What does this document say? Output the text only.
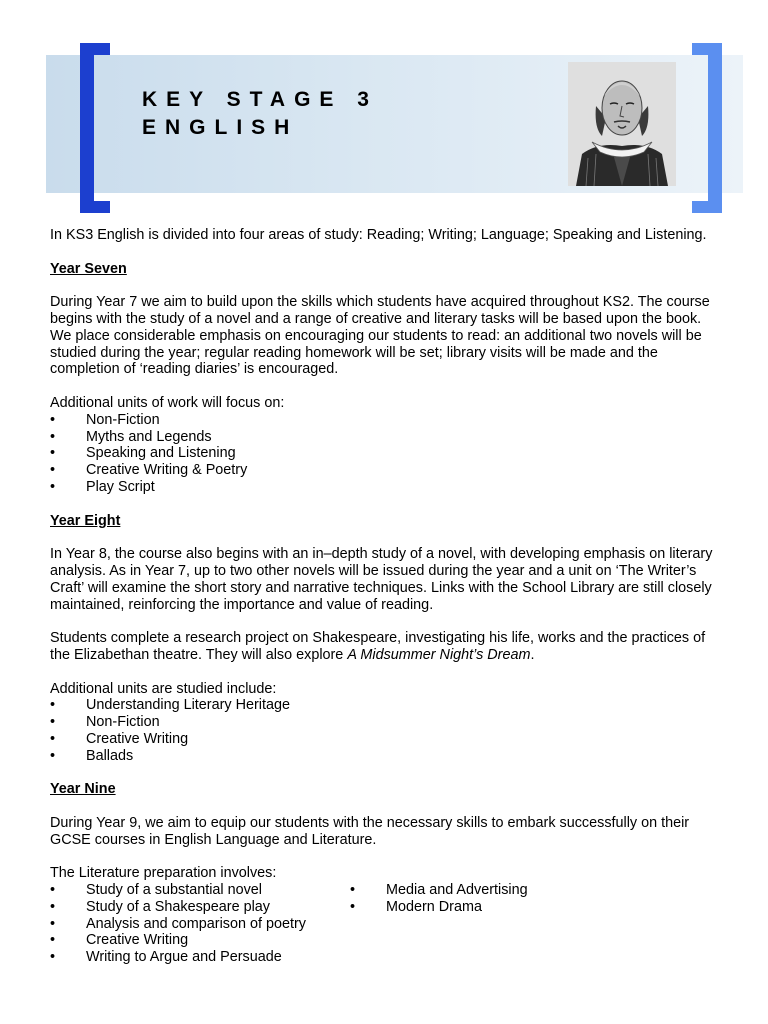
KEY STAGE 3
ENGLISH

In KS3 English is divided into four areas of study: Reading; Writing; Language; Speaking and Listening.

Year Seven

During Year 7 we aim to build upon the skills which students have acquired throughout KS2. The course begins with the study of a novel and a range of creative and literary tasks will be based upon the book. We place considerable emphasis on encouraging our students to read: an additional two novels will be studied during the year; regular reading homework will be set; library visits will be made and the completion of ‘reading diaries’ is encouraged.

Additional units of work will focus on:

• Non-Fiction
• Myths and Legends
• Speaking and Listening
• Creative Writing & Poetry
• Play Script
Year Eight

In Year 8, the course also begins with an in–depth study of a novel, with developing emphasis on literary analysis. As in Year 7, up to two other novels will be issued during the year and a unit on ‘The Writer’s Craft’ will examine the short story and narrative techniques. Links with the School Library are still closely maintained, reinforcing the importance and value of reading.

Students complete a research project on Shakespeare, investigating his life, works and the practices of the Elizabethan theatre. They will also explore A Midsummer Night’s Dream.

Additional units are studied include:

• Understanding Literary Heritage
• Non-Fiction
• Creative Writing
• Ballads
Year Nine

During Year 9, we aim to equip our students with the necessary skills to embark successfully on their GCSE courses in English Language and Literature.

The Literature preparation involves:

• Study of a substantial novel
• Study of a Shakespeare play
• Analysis and comparison of poetry
• Creative Writing
• Writing to Argue and Persuade
• Media and Advertising
• Modern Drama
